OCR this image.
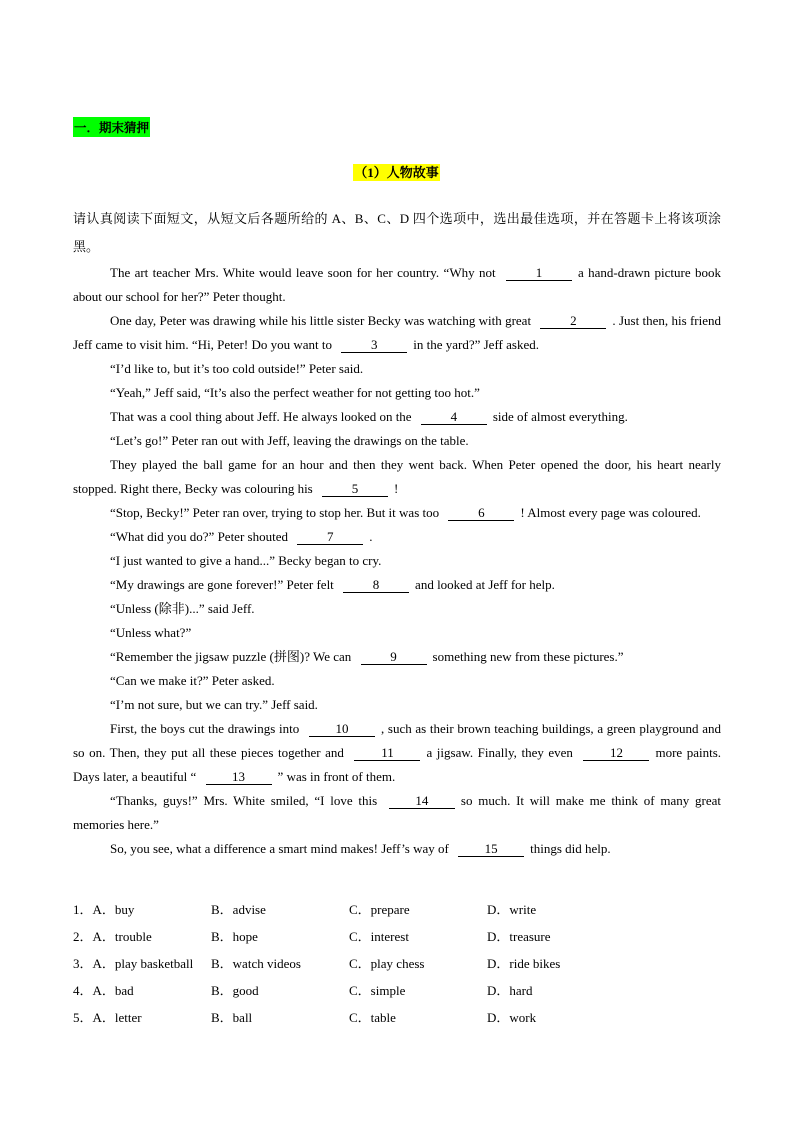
一．期末猜押
（1）人物故事

请认真阅读下面短文，从短文后各题所给的 A、B、C、D 四个选项中，选出最佳选项，并在答题卡上将该项涂黑。

The art teacher Mrs. White would leave soon for her country. “Why not	1	a hand-drawn picture book about our school for her?” Peter thought.

One day, Peter was drawing while his little sister Becky was watching with great	2	. Just then, his friend Jeff came to visit him. “Hi, Peter! Do you want to	3	in the yard?” Jeff asked.

“I’d like to, but it’s too cold outside!” Peter said.

“Yeah,” Jeff said, “It’s also the perfect weather for not getting too hot.”

That was a cool thing about Jeff. He always looked on the	4	side of almost everything.

“Let’s go!” Peter ran out with Jeff, leaving the drawings on the table.

They played the ball game for an hour and then they went back. When Peter opened the door, his heart nearly stopped. Right there, Becky was colouring his	5	!

“Stop, Becky!” Peter ran over, trying to stop her. But it was too	6	! Almost every page was coloured.

“What did you do?” Peter shouted	7	.

“I just wanted to give a hand...” Becky began to cry.

“My drawings are gone forever!” Peter felt	8	and looked at Jeff for help.

“Unless (除非)...” said Jeff.

“Unless what?”

“Remember the jigsaw puzzle (拼图)? We can	9	something new from these pictures.”

“Can we make it?” Peter asked.

“I’m not sure, but we can try.” Jeff said.

First, the boys cut the drawings into	10	, such as their brown teaching buildings, a green playground and so on. Then, they put all these pieces together and	11	a jigsaw. Finally, they even	12	more paints. Days later, a beautiful “	13	” was in front of them.

“Thanks, guys!” Mrs. White smiled, “I love this	14	so much. It will make me think of many great memories here.”

So, you see, what a difference a smart mind makes! Jeff’s way of	15	things did help.

1．A．buy	B．advise	C．prepare	D．write
2．A．trouble	B．hope	C．interest	D．treasure
3．A．play basketball	B．watch videos	C．play chess	D．ride bikes
4．A．bad	B．good	C．simple	D．hard
5．A．letter	B．ball	C．table	D．work
